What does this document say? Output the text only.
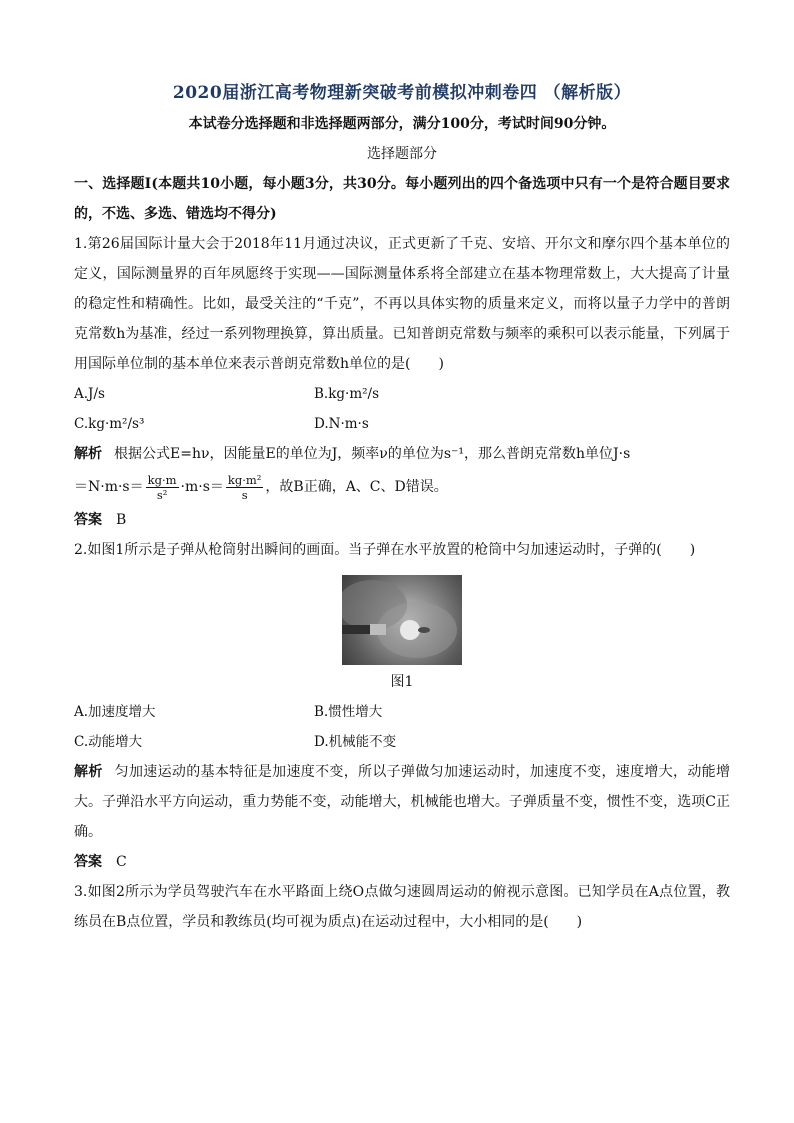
2020届浙江高考物理新突破考前模拟冲刺卷四 （解析版）
本试卷分选择题和非选择题两部分，满分100分，考试时间90分钟。
选择题部分

一、选择题Ⅰ(本题共10小题，每小题3分，共30分。每小题列出的四个备选项中只有一个是符合题目要求的，不选、多选、错选均不得分)

1.第26届国际计量大会于2018年11月通过决议，正式更新了千克、安培、开尔文和摩尔四个基本单位的定义，国际测量界的百年夙愿终于实现——国际测量体系将全部建立在基本物理常数上，大大提高了计量的稳定性和精确性。比如，最受关注的“千克”，不再以具体实物的质量来定义，而将以量子力学中的普朗克常数h为基准，经过一系列物理换算，算出质量。已知普朗克常数与频率的乘积可以表示能量，下列属于用国际单位制的基本单位来表示普朗克常数h单位的是(　　)

A.J/s	B.kg·m²/s
C.kg·m²/s³	D.N·m·s

解析 根据公式E=hν，因能量E的单位为J，频率ν的单位为s⁻¹，那么普朗克常数h单位J·s

$=N\cdot m\cdot s= \frac{kg\cdot m}{\text{s²}} \cdot m\cdot s= \frac{\text{kg·m²}}{s}$ ，故B正确，A、C、D错误。

答案 B

2.如图1所示是子弹从枪筒射出瞬间的画面。当子弹在水平放置的枪筒中匀加速运动时，子弹的(　　)

图1
A.加速度增大	B.惯性增大
C.动能增大	D.机械能不变

解析 匀加速运动的基本特征是加速度不变，所以子弹做匀加速运动时，加速度不变，速度增大，动能增大。子弹沿水平方向运动，重力势能不变，动能增大，机械能也增大。子弹质量不变，惯性不变，选项C正确。

答案 C

3.如图2所示为学员驾驶汽车在水平路面上绕O点做匀速圆周运动的俯视示意图。已知学员在A点位置，教练员在B点位置，学员和教练员(均可视为质点)在运动过程中，大小相同的是(　　)
